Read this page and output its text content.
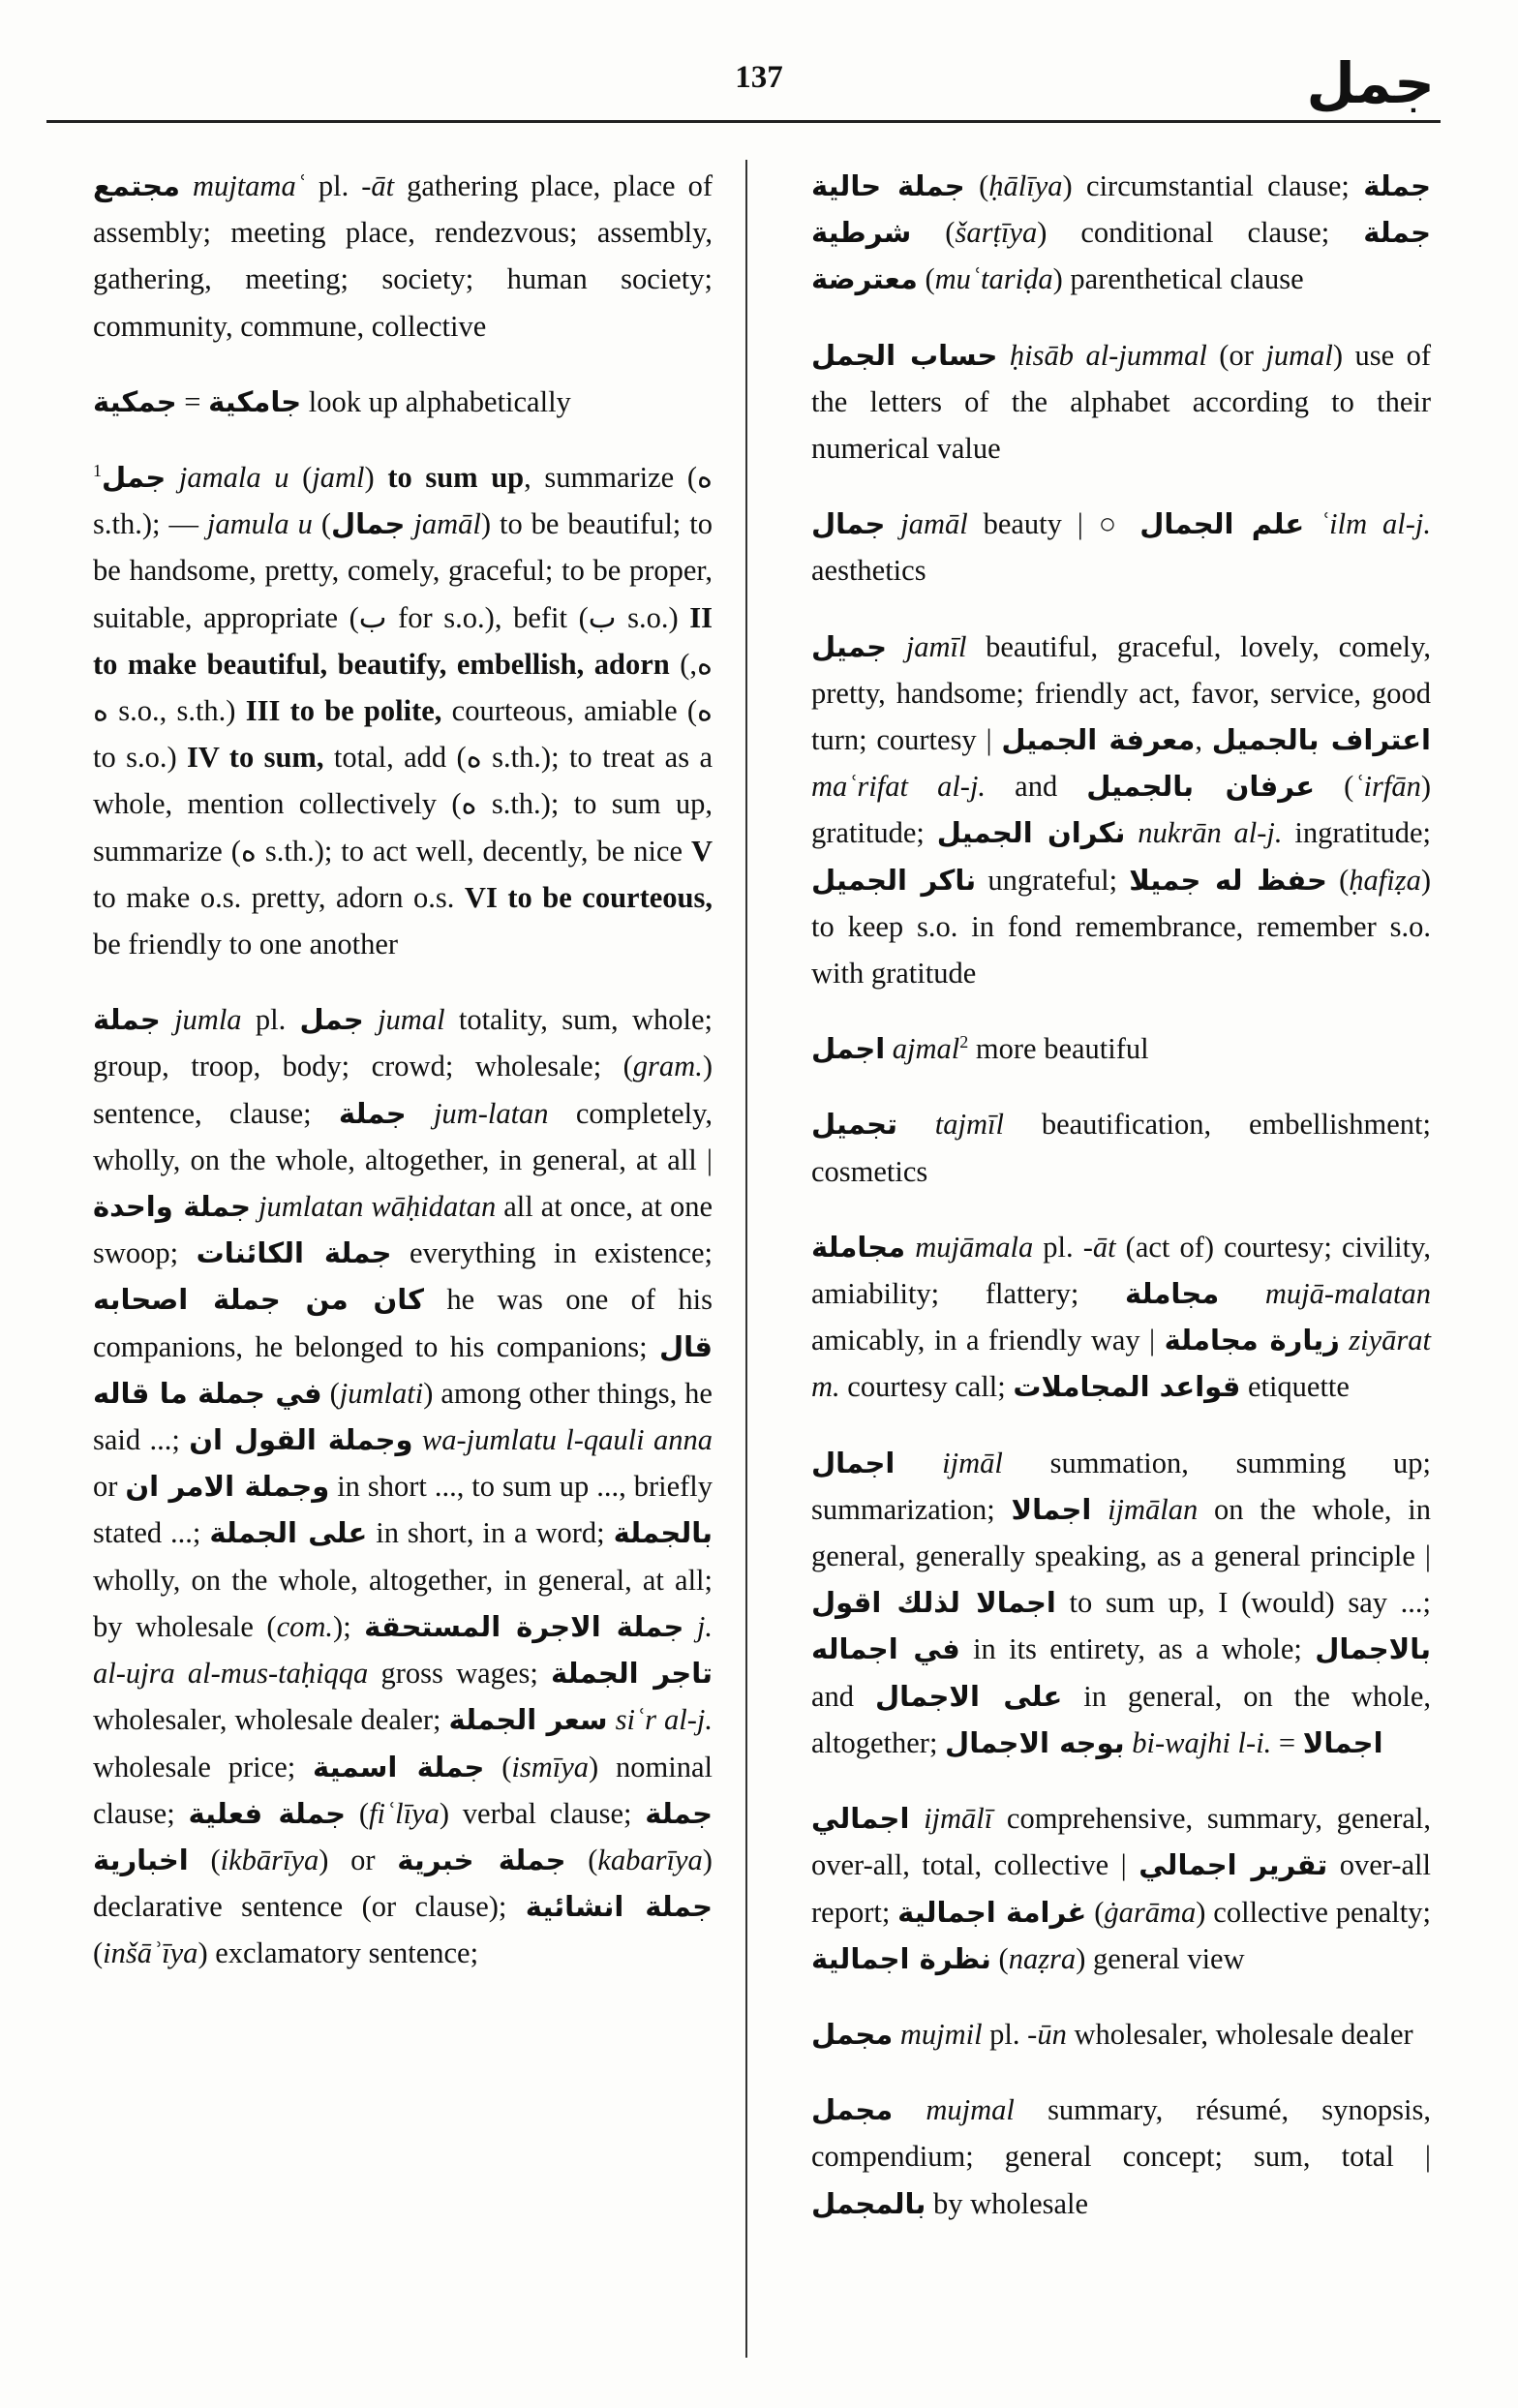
137	جمل

مجتمع mujtamaʿ pl. -āt gathering place, place of assembly; meeting place, rendezvous; assembly, gathering, meeting; society; human society; community, commune, collective

جمكية = جامكية look up alphabetically

$^1$جمل jamala u (jaml) to sum up, summarize (ه s.th.); — jamula u (جمال jamāl) to be beautiful; to be handsome, pretty, comely, graceful; to be proper, suitable, appropriate (ب for s.o.), befit (ب s.o.) II to make beautiful, beautify, embellish, adorn (ه, ه s.o., s.th.) III to be polite, courteous, amiable (ه to s.o.) IV to sum, total, add (ه s.th.); to treat as a whole, mention collectively (ه s.th.); to sum up, summarize (ه s.th.); to act well, decently, be nice V to make o.s. pretty, adorn o.s. VI to be courteous, be friendly to one another

جملة jumla pl. جمل jumal totality, sum, whole; group, troop, body; crowd; wholesale; (gram.) sentence, clause; جملة jum-latan completely, wholly, on the whole, altogether, in general, at all | جملة واحدة jumlatan wāḥidatan all at once, at one swoop; جملة الكائنات everything in existence; كان من جملة اصحابه he was one of his companions, he belonged to his companions; قال في جملة ما قاله (jumlati) among other things, he said ...; وجملة القول ان wa-jumlatu l-qauli anna or وجملة الامر ان in short ..., to sum up ..., briefly stated ...; على الجملة in short, in a word; بالجملة wholly, on the whole, altogether, in general, at all; by wholesale (com.); جملة الاجرة المستحقة j. al-ujra al-mus-taḥiqqa gross wages; تاجر الجملة wholesaler, wholesale dealer; سعر الجملة siʿr al-j. wholesale price; جملة اسمية (ismīya) nominal clause; جملة فعلية (fiʿlīya) verbal clause; جملة اخبارية (ikbārīya) or جملة خبرية (kabarīya) declarative sentence (or clause); جملة انشائية (inšāʾīya) exclamatory sentence;

جملة حالية (ḥālīya) circumstantial clause; جملة شرطية (šarṭīya) conditional clause; جملة معترضة (muʿtariḍa) parenthetical clause

حساب الجمل ḥisāb al-jummal (or jumal) use of the letters of the alphabet according to their numerical value

جمال jamāl beauty | ○ علم الجمال ʿilm al-j. aesthetics

جميل jamīl beautiful, graceful, lovely, comely, pretty, handsome; friendly act, favor, service, good turn; courtesy | معرفة الجميل, اعتراف بالجميل maʿrifat al-j. and عرفان بالجميل (ʿirfān) gratitude; نكران الجميل nukrān al-j. ingratitude; ناكر الجميل ungrateful; حفظ له جميلا (ḥafiẓa) to keep s.o. in fond remembrance, remember s.o. with gratitude

اجمل ajmal$^2$ more beautiful

تجميل tajmīl beautification, embellishment; cosmetics

مجاملة mujāmala pl. -āt (act of) courtesy; civility, amiability; flattery; مجاملة mujā-malatan amicably, in a friendly way | زيارة مجاملة ziyārat m. courtesy call; قواعد المجاملات etiquette

اجمال ijmāl summation, summing up; summarization; اجمالا ijmālan on the whole, in general, generally speaking, as a general principle | اجمالا لذلك اقول to sum up, I (would) say ...; في اجماله in its entirety, as a whole; بالاجمال and على الاجمال in general, on the whole, altogether; بوجه الاجمال bi-wajhi l-i. = اجمالا

اجمالي ijmālī comprehensive, summary, general, over-all, total, collective | تقرير اجمالي over-all report; غرامة اجمالية (ġarāma) collective penalty; نظرة اجمالية (naẓra) general view

مجمل mujmil pl. -ūn wholesaler, wholesale dealer

مجمل mujmal summary, résumé, synopsis, compendium; general concept; sum, total | بالمجمل by wholesale
